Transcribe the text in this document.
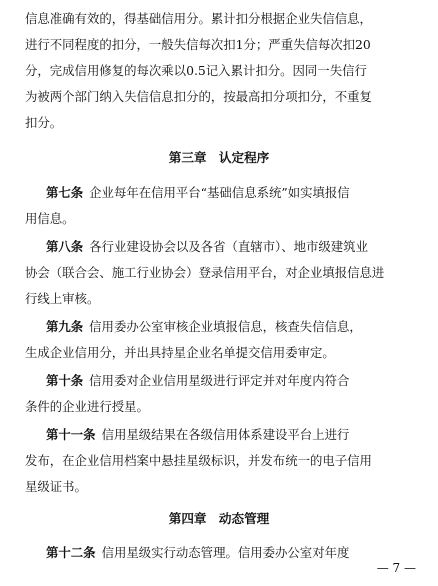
信息准确有效的，得基础信用分。累计扣分根据企业失信信息，
进行不同程度的扣分，一般失信每次扣1分；严重失信每次扣20
分，完成信用修复的每次乘以0.5记入累计扣分。因同一失信行
为被两个部门纳入失信信息扣分的，按最高扣分项扣分，不重复
扣分。
第三章 认定程序
第七条 企业每年在信用平台“基础信息系统”如实填报信
用信息。
第八条 各行业建设协会以及各省（直辖市）、地市级建筑业
协会（联合会、施工行业协会）登录信用平台，对企业填报信息进
行线上审核。
第九条 信用委办公室审核企业填报信息，核查失信信息，
生成企业信用分，并出具持星企业名单提交信用委审定。
第十条 信用委对企业信用星级进行评定并对年度内符合
条件的企业进行授星。
第十一条 信用星级结果在各级信用体系建设平台上进行
发布，在企业信用档案中悬挂星级标识，并发布统一的电子信用
星级证书。
第四章 动态管理
— 7 —
第十二条 信用星级实行动态管理。信用委办公室对年度
